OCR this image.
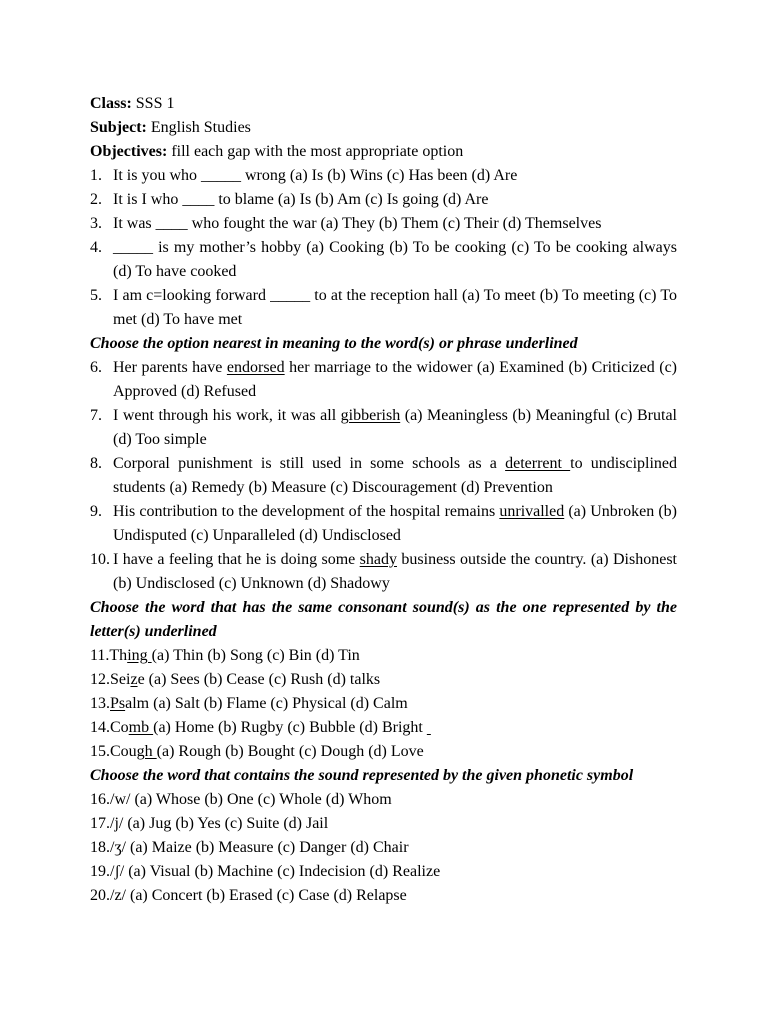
Class: SSS 1
Subject: English Studies
Objectives: fill each gap with the most appropriate option
1. It is you who _____ wrong (a) Is (b) Wins (c) Has been (d) Are
2. It is I who ____ to blame (a) Is (b) Am (c) Is going (d) Are
3. It was ____ who fought the war (a) They (b) Them (c) Their (d) Themselves
4. _____ is my mother’s hobby (a) Cooking (b) To be cooking (c) To be cooking always (d) To have cooked
5. I am c=looking forward _____ to at the reception hall (a) To meet (b) To meeting (c) To met (d) To have met
Choose the option nearest in meaning to the word(s) or phrase underlined
6. Her parents have endorsed her marriage to the widower (a) Examined (b) Criticized (c) Approved (d) Refused
7. I went through his work, it was all gibberish (a) Meaningless (b) Meaningful (c) Brutal (d) Too simple
8. Corporal punishment is still used in some schools as a deterrent to undisciplined students (a) Remedy (b) Measure (c) Discouragement (d) Prevention
9. His contribution to the development of the hospital remains unrivalled (a) Unbroken (b) Undisputed (c) Unparalleled (d) Undisclosed
10. I have a feeling that he is doing some shady business outside the country. (a) Dishonest (b) Undisclosed (c) Unknown (d) Shadowy
Choose the word that has the same consonant sound(s) as the one represented by the letter(s) underlined
11. Thing (a) Thin (b) Song (c) Bin (d) Tin
12. Seize (a) Sees (b) Cease (c) Rush (d) talks
13. Psalm (a) Salt (b) Flame (c) Physical (d) Calm
14. Comb (a) Home (b) Rugby (c) Bubble (d) Bright
15. Cough (a) Rough (b) Bought (c) Dough (d) Love
Choose the word that contains the sound represented by the given phonetic symbol
16. /w/ (a) Whose (b) One (c) Whole (d) Whom
17. /j/ (a) Jug (b) Yes (c) Suite (d) Jail
18. /ʒ/ (a) Maize (b) Measure (c) Danger (d) Chair
19. /ʃ/ (a) Visual (b) Machine (c) Indecision (d) Realize
20. /z/ (a) Concert (b) Erased (c) Case (d) Relapse
